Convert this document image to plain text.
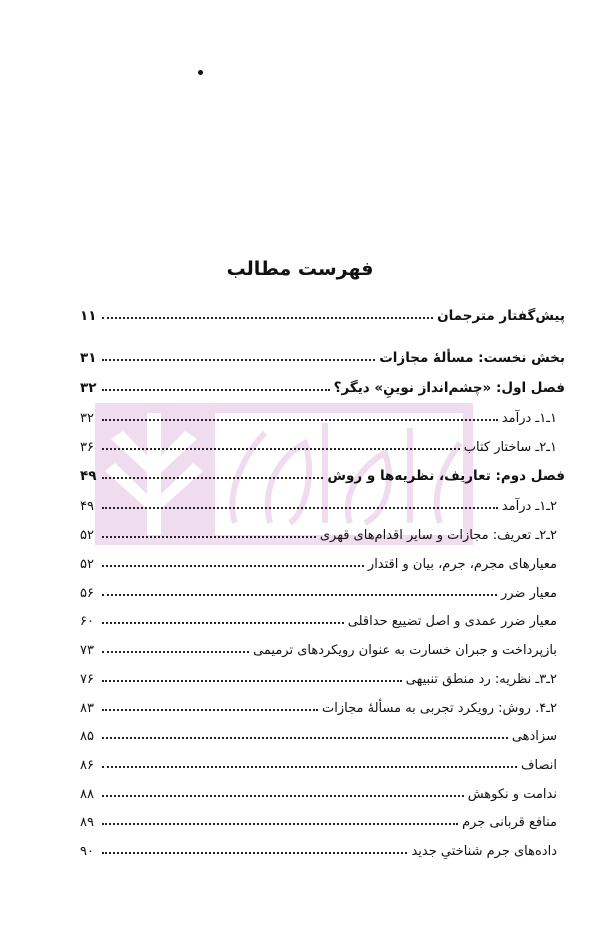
فهرست مطالب
پیش‌گفتار مترجمان
۱۱
بخش نخست: مسألهٔ مجازات
۳۱
فصل اول: «چشم‌انداز نوینِ» دیگر؟
۳۲
۱ـ۱ـ درآمد
۳۲
۱ـ۲ـ ساختار کتاب
۳۶
فصل دوم: تعاریف، نظریه‌ها و روش
۴۹
۲ـ۱ـ درآمد
۴۹
۲ـ۲ـ تعریف: مجازات و سایر اقدام‌های قهری
۵۲
معیارهای مجرم، جرم، بیان و اقتدار
۵۲
معیار ضرر
۵۶
معیار ضرر عمدی و اصل تضییع حداقلی
۶۰
بازپرداخت و جبران خسارت به عنوان رویکردهای ترمیمی
۷۳
۲ـ۳ـ نظریه: رد منطق تنبیهی
۷۶
۲ـ۴. روش: رویکرد تجربی به مسألهٔ مجازات
۸۳
سزادهی
۸۵
انصاف
۸۶
ندامت و نکوهش
۸۸
منافع قربانی جرم
۸۹
داده‌های جرم شناختیِ جدید
۹۰
